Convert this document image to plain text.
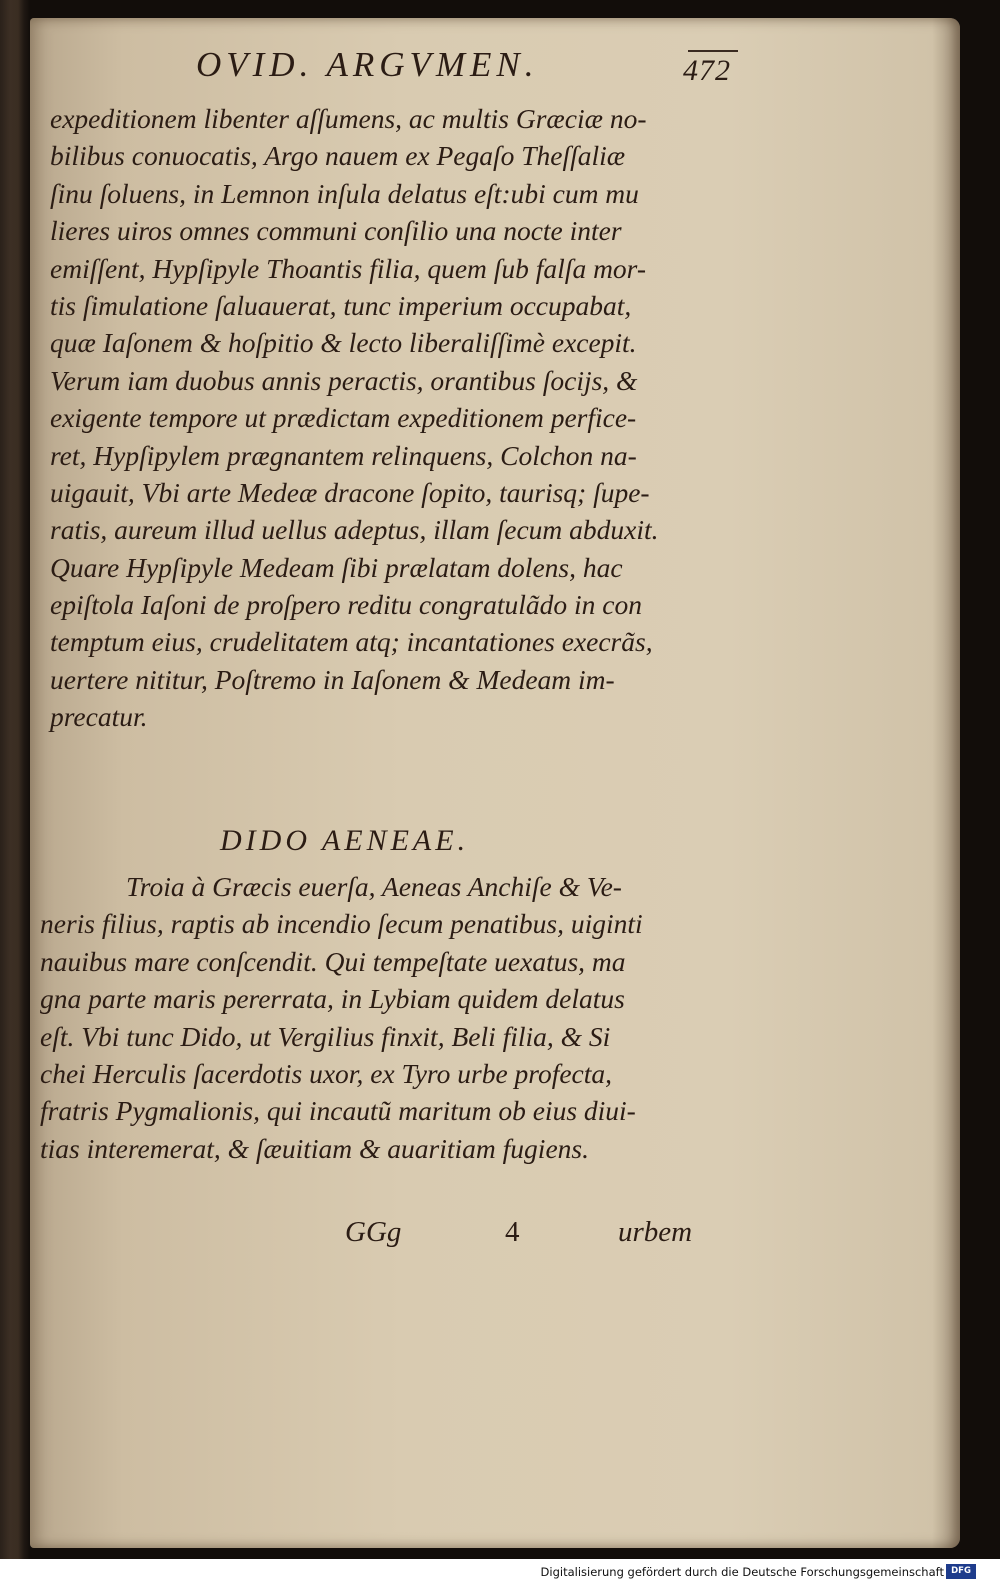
OVID. ARGVMEN.	472
expeditionem libenter aſſumens, ac multis Græciæ no-
bilibus conuocatis, Argo nauem ex Pegaſo Theſſaliæ
ſinu ſoluens, in Lemnon inſula delatus eſt:ubi cum mu
lieres uiros omnes communi conſilio una nocte inter
emiſſent, Hypſipyle Thoantis filia, quem ſub falſa mor-
tis ſimulatione ſaluauerat, tunc imperium occupabat,
quæ Iaſonem & hoſpitio & lecto liberaliſſimè excepit.
Verum iam duobus annis peractis, orantibus ſocijs, &
exigente tempore ut prædictam expeditionem perfice-
ret, Hypſipylem prægnantem relinquens, Colchon na-
uigauit, Vbi arte Medeæ dracone ſopito, taurisq; ſupe-
ratis, aureum illud uellus adeptus, illam ſecum abduxit.
Quare Hypſipyle Medeam ſibi prælatam dolens, hac
epiſtola Iaſoni de proſpero reditu congratulãdo in con
temptum eius, crudelitatem atq; incantationes execrãs,
uertere nititur, Poſtremo in Iaſonem & Medeam im-
precatur.
DIDO AENEAE.
Troia à Græcis euerſa, Aeneas Anchiſe & Ve-
neris filius, raptis ab incendio ſecum penatibus, uiginti
nauibus mare conſcendit. Qui tempeſtate uexatus, ma
gna parte maris pererrata, in Lybiam quidem delatus
eſt. Vbi tunc Dido, ut Vergilius finxit, Beli filia, & Si
chei Herculis ſacerdotis uxor, ex Tyro urbe profecta,
fratris Pygmalionis, qui incautũ maritum ob eius diui-
tias interemerat, & ſæuitiam & auaritiam fugiens.
GGg	4	urbem
Digitalisierung gefördert durch die Deutsche Forschungsgemeinschaft DFG
